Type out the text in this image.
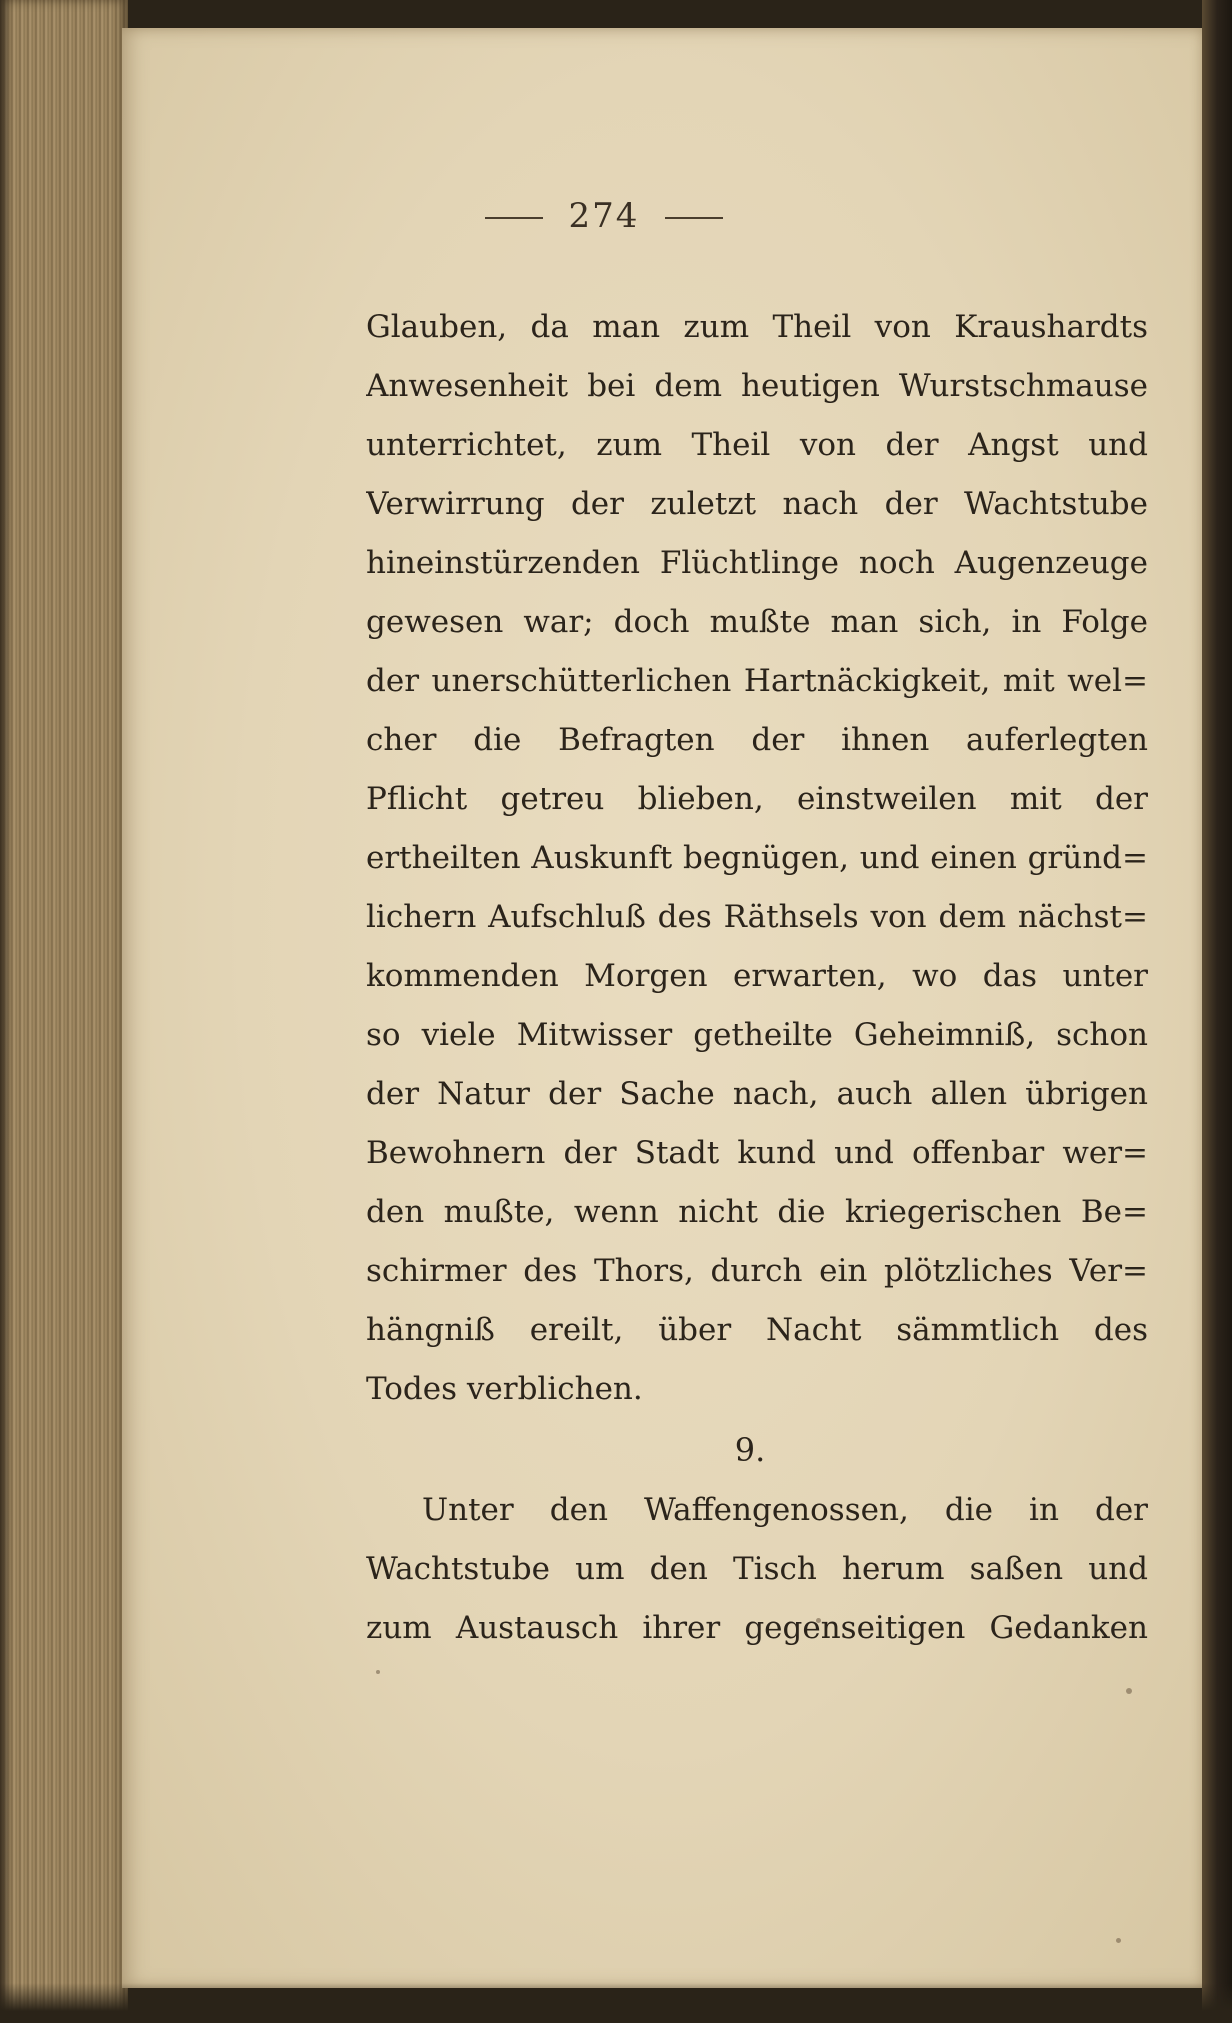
274
Glauben, da man zum Theil von Kraushardts
Anwesenheit bei dem heutigen Wurstschmause
unterrichtet, zum Theil von der Angst und
Verwirrung der zuletzt nach der Wachtstube
hineinstürzenden Flüchtlinge noch Augenzeuge
gewesen war; doch mußte man sich, in Folge
der unerschütterlichen Hartnäckigkeit, mit wel=
cher die Befragten der ihnen auferlegten
Pflicht getreu blieben, einstweilen mit der
ertheilten Auskunft begnügen, und einen gründ=
lichern Aufschluß des Räthsels von dem nächst=
kommenden Morgen erwarten, wo das unter
so viele Mitwisser getheilte Geheimniß, schon
der Natur der Sache nach, auch allen übrigen
Bewohnern der Stadt kund und offenbar wer=
den mußte, wenn nicht die kriegerischen Be=
schirmer des Thors, durch ein plötzliches Ver=
hängniß ereilt, über Nacht sämmtlich des
Todes verblichen.
9.
Unter den Waffengenossen, die in der
Wachtstube um den Tisch herum saßen und
zum Austausch ihrer gegenseitigen Gedanken
